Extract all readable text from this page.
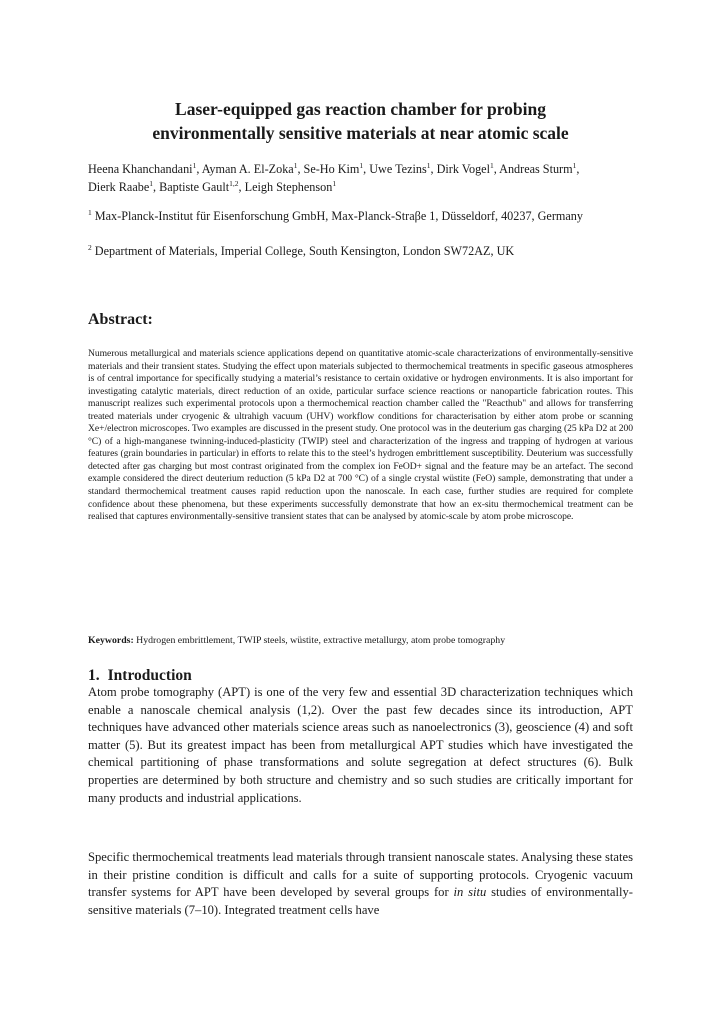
Laser-equipped gas reaction chamber for probing
environmentally sensitive materials at near atomic scale

Heena Khanchandani$^1$, Ayman A. El-Zoka$^1$, Se-Ho Kim$^1$, Uwe Tezins$^1$, Dirk Vogel$^1$, Andreas Sturm$^1$,
Dierk Raabe$^1$, Baptiste Gault$^{1,2}$, Leigh Stephenson$^1$

$^1$ Max-Planck-Institut für Eisenforschung GmbH, Max-Planck-Straβe 1, Düsseldorf, 40237, Germany

$^2$ Department of Materials, Imperial College, South Kensington, London SW72AZ, UK

Abstract:

Numerous metallurgical and materials science applications depend on quantitative atomic-scale characterizations of environmentally-sensitive materials and their transient states. Studying the effect upon materials subjected to thermochemical treatments in specific gaseous atmospheres is of central importance for specifically studying a material’s resistance to certain oxidative or hydrogen environments. It is also important for investigating catalytic materials, direct reduction of an oxide, particular surface science reactions or nanoparticle fabrication routes. This manuscript realizes such experimental protocols upon a thermochemical reaction chamber called the "Reacthub" and allows for transferring treated materials under cryogenic & ultrahigh vacuum (UHV) workflow conditions for characterisation by either atom probe or scanning Xe+/electron microscopes. Two examples are discussed in the present study. One protocol was in the deuterium gas charging (25 kPa D2 at 200 °C) of a high-manganese twinning-induced-plasticity (TWIP) steel and characterization of the ingress and trapping of hydrogen at various features (grain boundaries in particular) in efforts to relate this to the steel’s hydrogen embrittlement susceptibility. Deuterium was successfully detected after gas charging but most contrast originated from the complex ion FeOD+ signal and the feature may be an artefact. The second example considered the direct deuterium reduction (5 kPa D2 at 700 °C) of a single crystal wüstite (FeO) sample, demonstrating that under a standard thermochemical treatment causes rapid reduction upon the nanoscale. In each case, further studies are required for complete confidence about these phenomena, but these experiments successfully demonstrate that how an ex-situ thermochemical treatment can be realised that captures environmentally-sensitive transient states that can be analysed by atomic-scale by atom probe microscope.

Keywords: Hydrogen embrittlement, TWIP steels, wüstite, extractive metallurgy, atom probe tomography

1. Introduction

Atom probe tomography (APT) is one of the very few and essential 3D characterization techniques which enable a nanoscale chemical analysis (1,2). Over the past few decades since its introduction, APT techniques have advanced other materials science areas such as nanoelectronics (3), geoscience (4) and soft matter (5). But its greatest impact has been from metallurgical APT studies which have investigated the chemical partitioning of phase transformations and solute segregation at defect structures (6). Bulk properties are determined by both structure and chemistry and so such studies are critically important for many products and industrial applications.

Specific thermochemical treatments lead materials through transient nanoscale states. Analysing these states in their pristine condition is difficult and calls for a suite of supporting protocols. Cryogenic vacuum transfer systems for APT have been developed by several groups for in situ studies of environmentally-sensitive materials (7–10). Integrated treatment cells have
